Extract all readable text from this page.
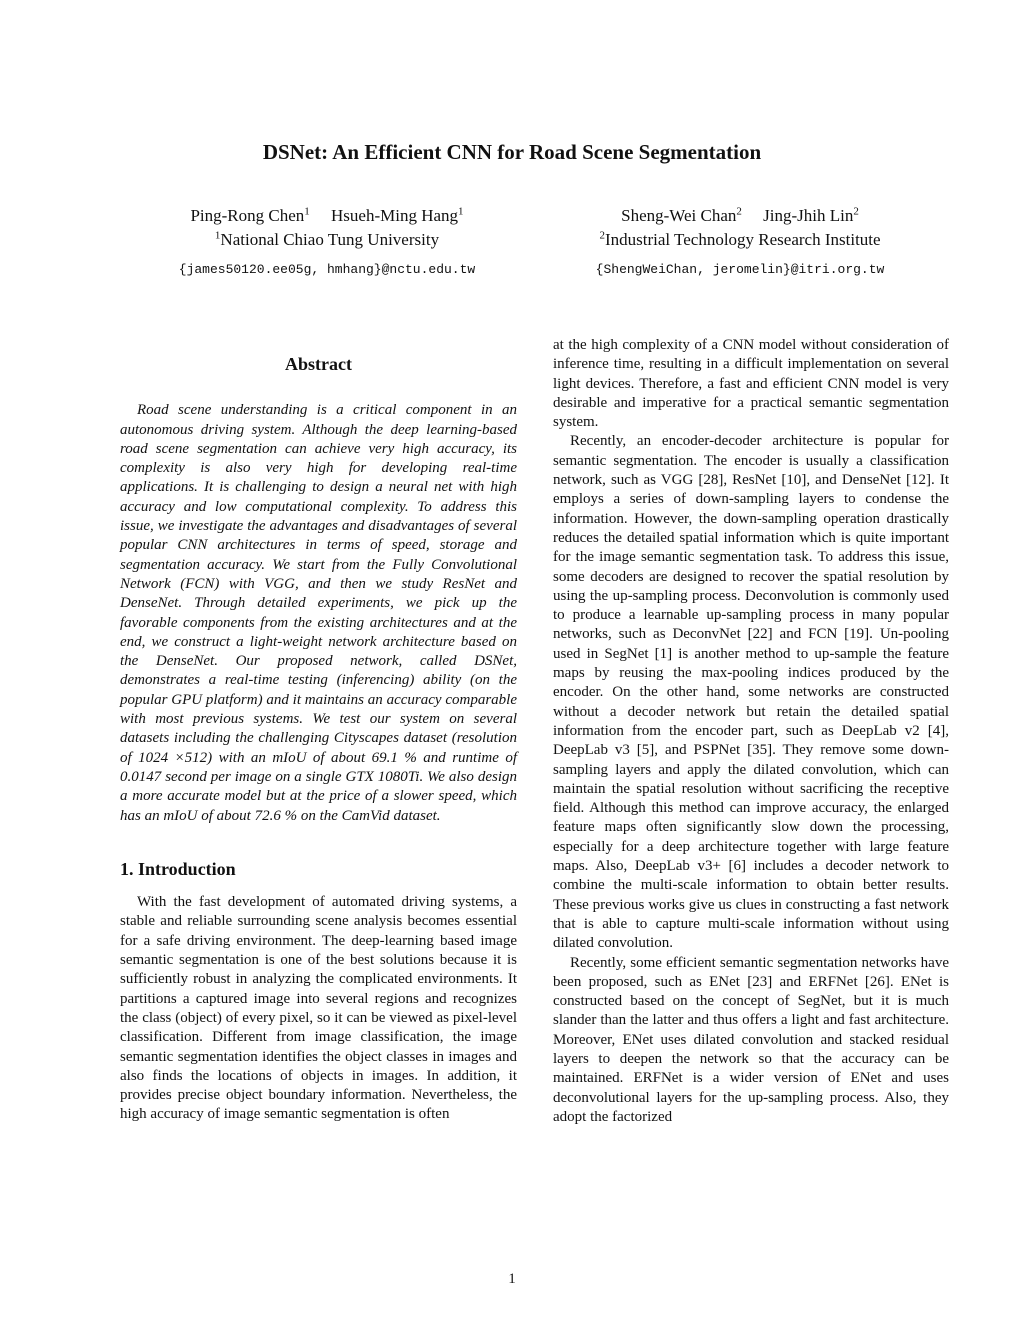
DSNet: An Efficient CNN for Road Scene Segmentation
Ping-Rong Chen$^1$ Hsueh-Ming Hang$^1$
$^1$National Chiao Tung University
{james50120.ee05g, hmhang}@nctu.edu.tw
Sheng-Wei Chan$^2$ Jing-Jhih Lin$^2$
$^2$Industrial Technology Research Institute
{ShengWeiChan, jeromelin}@itri.org.tw
Abstract

Road scene understanding is a critical component in an autonomous driving system. Although the deep learning-based road scene segmentation can achieve very high accuracy, its complexity is also very high for developing real-time applications. It is challenging to design a neural net with high accuracy and low computational complexity. To address this issue, we investigate the advantages and disadvantages of several popular CNN architectures in terms of speed, storage and segmentation accuracy. We start from the Fully Convolutional Network (FCN) with VGG, and then we study ResNet and DenseNet. Through detailed experiments, we pick up the favorable components from the existing architectures and at the end, we construct a light-weight network architecture based on the DenseNet. Our proposed network, called DSNet, demonstrates a real-time testing (inferencing) ability (on the popular GPU platform) and it maintains an accuracy comparable with most previous systems. We test our system on several datasets including the challenging Cityscapes dataset (resolution of 1024 ×512) with an mIoU of about 69.1 % and runtime of 0.0147 second per image on a single GTX 1080Ti. We also design a more accurate model but at the price of a slower speed, which has an mIoU of about 72.6 % on the CamVid dataset.

1. Introduction

With the fast development of automated driving systems, a stable and reliable surrounding scene analysis becomes essential for a safe driving environment. The deep-learning based image semantic segmentation is one of the best solutions because it is sufficiently robust in analyzing the complicated environments. It partitions a captured image into several regions and recognizes the class (object) of every pixel, so it can be viewed as pixel-level classification. Different from image classification, the image semantic segmentation identifies the object classes in images and also finds the locations of objects in images. In addition, it provides precise object boundary information. Nevertheless, the high accuracy of image semantic segmentation is often

at the high complexity of a CNN model without consideration of inference time, resulting in a difficult implementation on several light devices. Therefore, a fast and efficient CNN model is very desirable and imperative for a practical semantic segmentation system.

Recently, an encoder-decoder architecture is popular for semantic segmentation. The encoder is usually a classification network, such as VGG [28], ResNet [10], and DenseNet [12]. It employs a series of down-sampling layers to condense the information. However, the down-sampling operation drastically reduces the detailed spatial information which is quite important for the image semantic segmentation task. To address this issue, some decoders are designed to recover the spatial resolution by using the up-sampling process. Deconvolution is commonly used to produce a learnable up-sampling process in many popular networks, such as DeconvNet [22] and FCN [19]. Un-pooling used in SegNet [1] is another method to up-sample the feature maps by reusing the max-pooling indices produced by the encoder. On the other hand, some networks are constructed without a decoder network but retain the detailed spatial information from the encoder part, such as DeepLab v2 [4], DeepLab v3 [5], and PSPNet [35]. They remove some down-sampling layers and apply the dilated convolution, which can maintain the spatial resolution without sacrificing the receptive field. Although this method can improve accuracy, the enlarged feature maps often significantly slow down the processing, especially for a deep architecture together with large feature maps. Also, DeepLab v3+ [6] includes a decoder network to combine the multi-scale information to obtain better results. These previous works give us clues in constructing a fast network that is able to capture multi-scale information without using dilated convolution.

Recently, some efficient semantic segmentation networks have been proposed, such as ENet [23] and ERFNet [26]. ENet is constructed based on the concept of SegNet, but it is much slander than the latter and thus offers a light and fast architecture. Moreover, ENet uses dilated convolution and stacked residual layers to deepen the network so that the accuracy can be maintained. ERFNet is a wider version of ENet and uses deconvolutional layers for the up-sampling process. Also, they adopt the factorized

1
